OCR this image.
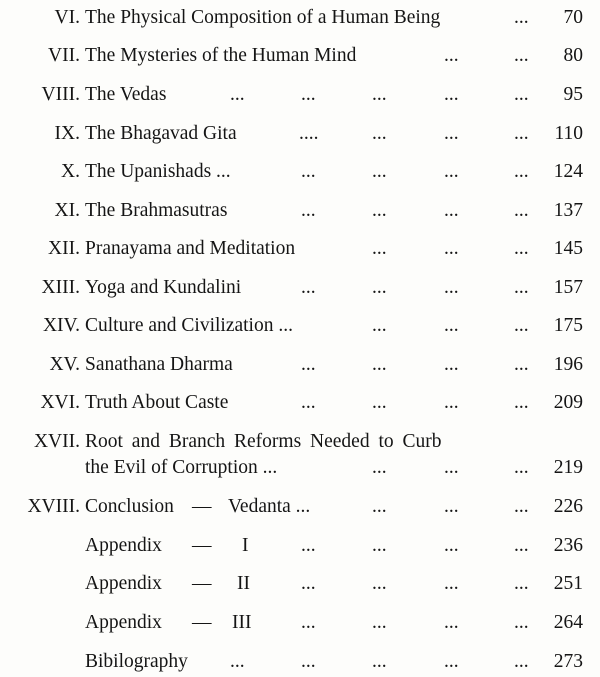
VI. The Physical Composition of a Human Being	... 70
VII. The Mysteries of the Human Mind	...	... 80
VIII. The Vedas	...	...	...	...	... 95
IX. The Bhagavad Gita	....	...	...	... 110
X. The Upanishads ...	...	...	...	... 124
XI. The Brahmasutras	...	...	...	... 137
XII. Pranayama and Meditation	...	...	... 145
XIII. Yoga and Kundalini	...	...	...	... 157
XIV. Culture and Civilization ...	...	...	... 175
XV. Sanathana Dharma	...	...	...	... 196
XVI. Truth About Caste	...	...	...	... 209
XVII. Root and Branch Reforms Needed to Curb
the Evil of Corruption ...	...	...	... 219
XVIII. Conclusion — Vedanta ...	...	...	... 226
Appendix — I	...	...	...	... 236
Appendix — II	...	...	...	... 251
Appendix — III	...	...	...	... 264
Bibilography ...	...	...	...	... 273
